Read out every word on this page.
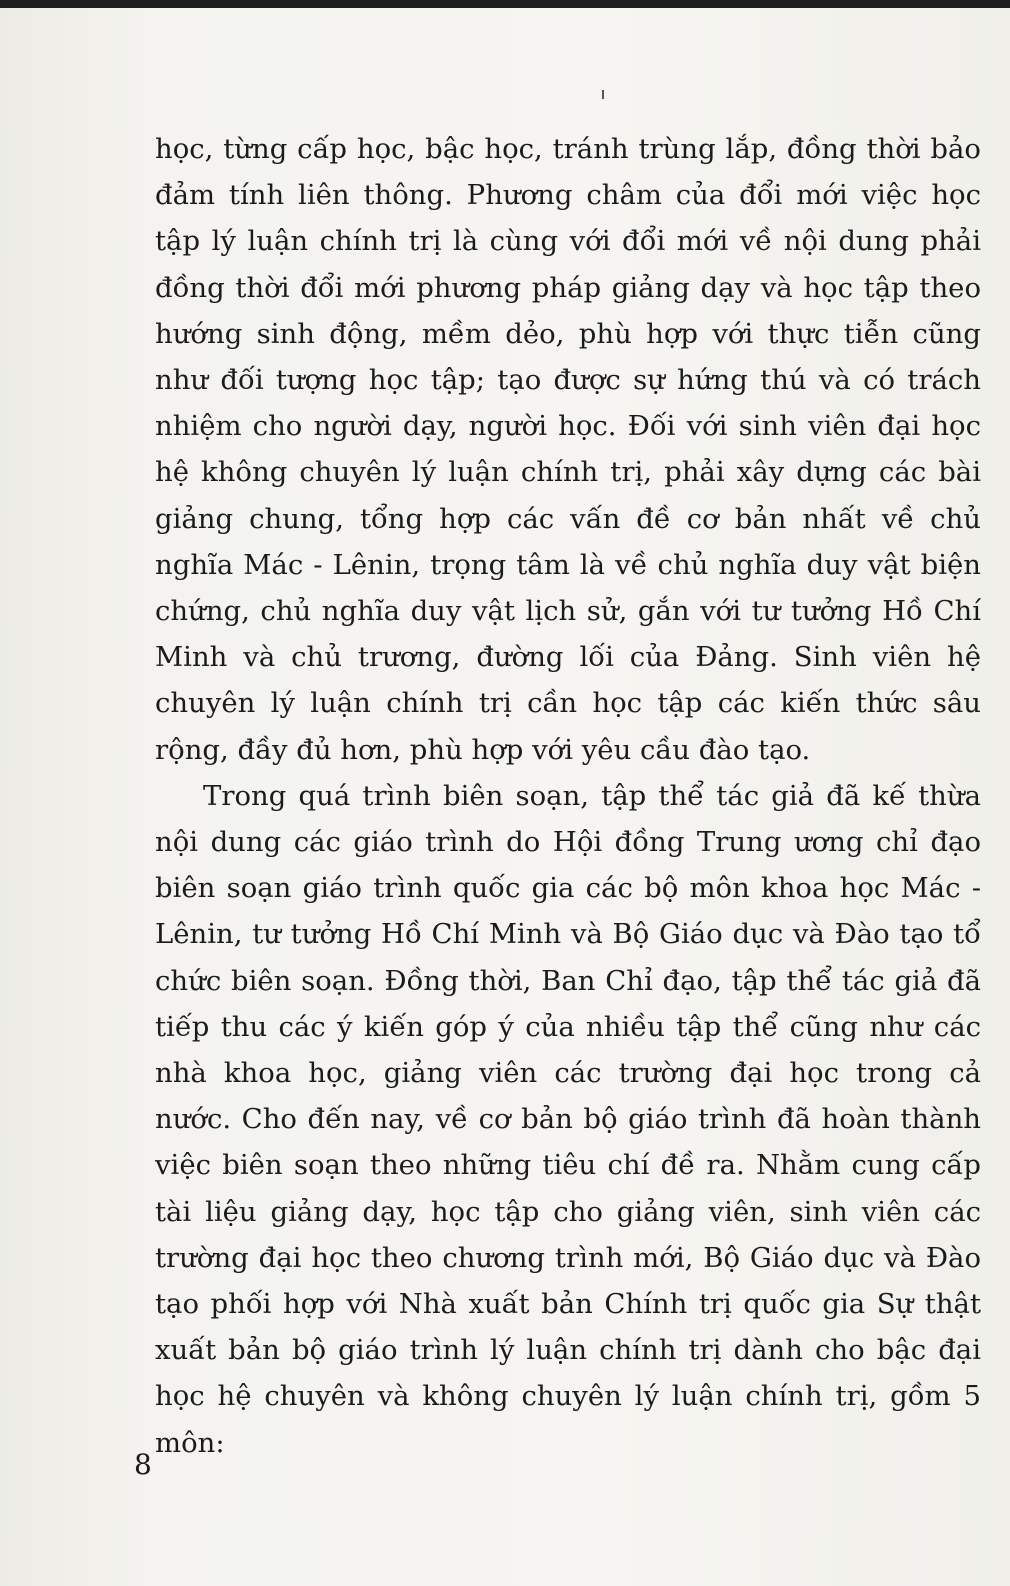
học, từng cấp học, bậc học, tránh trùng lắp, đồng thời bảo đảm tính liên thông. Phương châm của đổi mới việc học tập lý luận chính trị là cùng với đổi mới về nội dung phải đồng thời đổi mới phương pháp giảng dạy và học tập theo hướng sinh động, mềm dẻo, phù hợp với thực tiễn cũng như đối tượng học tập; tạo được sự hứng thú và có trách nhiệm cho người dạy, người học. Đối với sinh viên đại học hệ không chuyên lý luận chính trị, phải xây dựng các bài giảng chung, tổng hợp các vấn đề cơ bản nhất về chủ nghĩa Mác - Lênin, trọng tâm là về chủ nghĩa duy vật biện chứng, chủ nghĩa duy vật lịch sử, gắn với tư tưởng Hồ Chí Minh và chủ trương, đường lối của Đảng. Sinh viên hệ chuyên lý luận chính trị cần học tập các kiến thức sâu rộng, đầy đủ hơn, phù hợp với yêu cầu đào tạo.

Trong quá trình biên soạn, tập thể tác giả đã kế thừa nội dung các giáo trình do Hội đồng Trung ương chỉ đạo biên soạn giáo trình quốc gia các bộ môn khoa học Mác - Lênin, tư tưởng Hồ Chí Minh và Bộ Giáo dục và Đào tạo tổ chức biên soạn. Đồng thời, Ban Chỉ đạo, tập thể tác giả đã tiếp thu các ý kiến góp ý của nhiều tập thể cũng như các nhà khoa học, giảng viên các trường đại học trong cả nước. Cho đến nay, về cơ bản bộ giáo trình đã hoàn thành việc biên soạn theo những tiêu chí đề ra. Nhằm cung cấp tài liệu giảng dạy, học tập cho giảng viên, sinh viên các trường đại học theo chương trình mới, Bộ Giáo dục và Đào tạo phối hợp với Nhà xuất bản Chính trị quốc gia Sự thật xuất bản bộ giáo trình lý luận chính trị dành cho bậc đại học hệ chuyên và không chuyên lý luận chính trị, gồm 5 môn:

8
